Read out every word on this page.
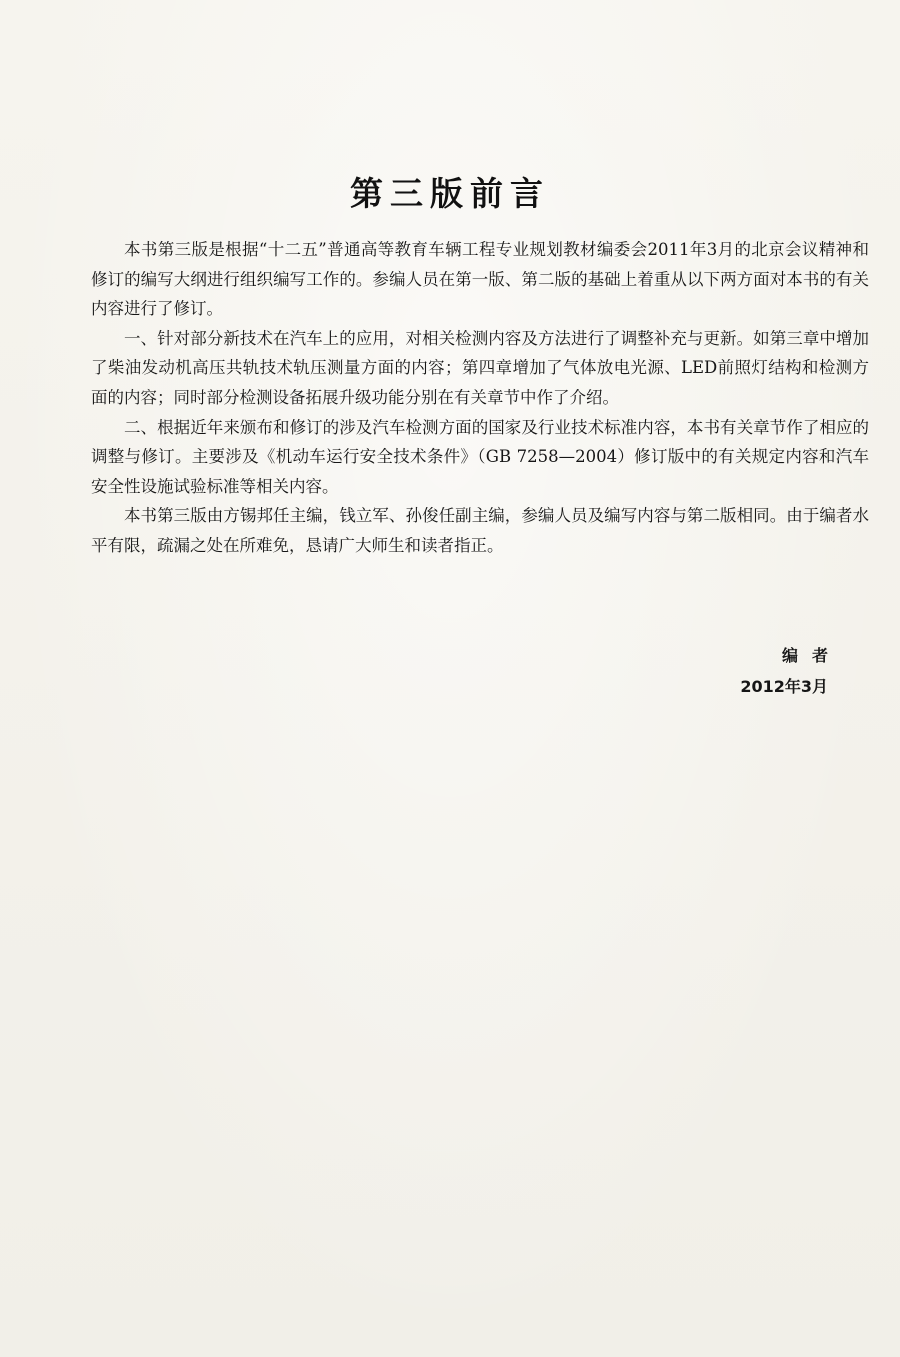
第三版前言

本书第三版是根据“十二五”普通高等教育车辆工程专业规划教材编委会2011年3月的北京会议精神和修订的编写大纲进行组织编写工作的。参编人员在第一版、第二版的基础上着重从以下两方面对本书的有关内容进行了修订。

一、针对部分新技术在汽车上的应用，对相关检测内容及方法进行了调整补充与更新。如第三章中增加了柴油发动机高压共轨技术轨压测量方面的内容；第四章增加了气体放电光源、LED前照灯结构和检测方面的内容；同时部分检测设备拓展升级功能分别在有关章节中作了介绍。

二、根据近年来颁布和修订的涉及汽车检测方面的国家及行业技术标准内容，本书有关章节作了相应的调整与修订。主要涉及《机动车运行安全技术条件》（GB 7258—2004）修订版中的有关规定内容和汽车安全性设施试验标准等相关内容。

本书第三版由方锡邦任主编，钱立军、孙俊任副主编，参编人员及编写内容与第二版相同。由于编者水平有限，疏漏之处在所难免，恳请广大师生和读者指正。

编者
2012年3月
